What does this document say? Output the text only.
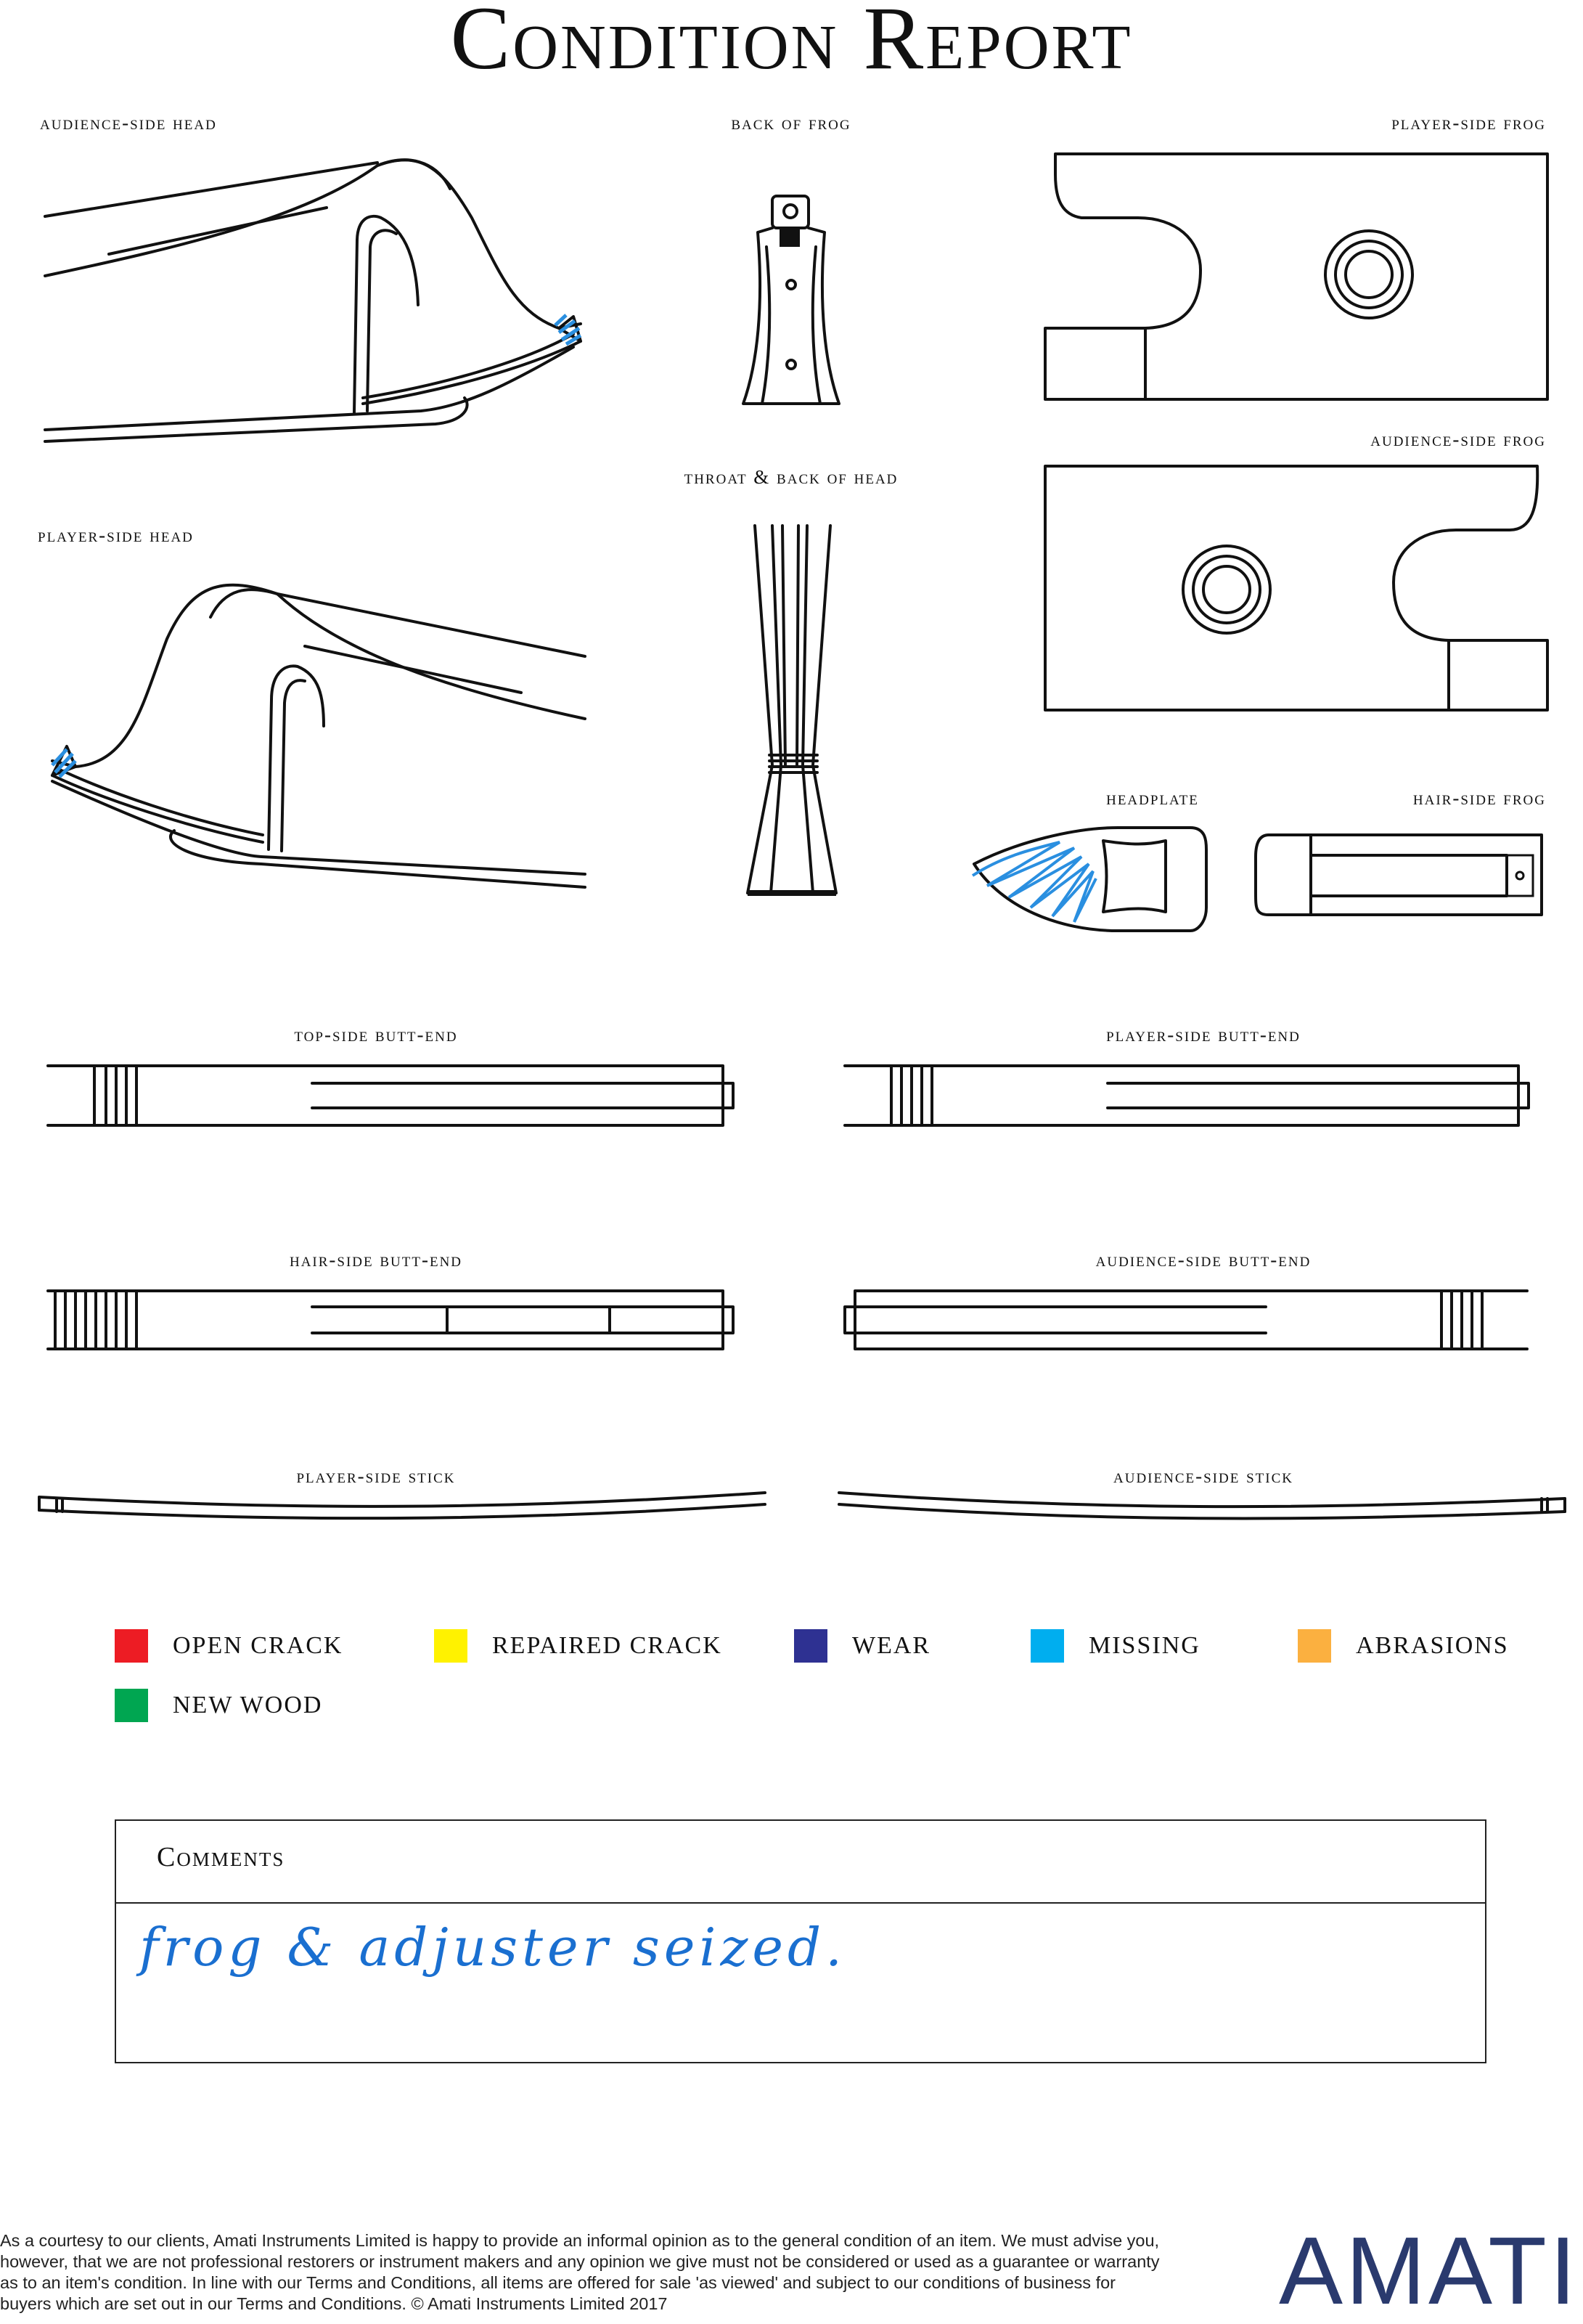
Condition Report
audience-side head	back of frog	player-side frog
throat & back of head
audience-side frog
player-side head
headplate	hair-side frog
top-side butt-end	player-side butt-end
hair-side butt-end	audience-side butt-end
player-side stick	audience-side stick
OPEN CRACK	REPAIRED CRACK	WEAR	MISSING	ABRASIONS
NEW WOOD
Comments
frog & adjuster seized.
As a courtesy to our clients, Amati Instruments Limited is happy to provide an informal opinion as to the general condition of an item. We must advise you, however, that we are not professional restorers or instrument makers and any opinion we give must not be considered or used as a guarantee or warranty as to an item's condition. In line with our Terms and Conditions, all items are offered for sale 'as viewed' and subject to our conditions of business for buyers which are set out in our Terms and Conditions. © Amati Instruments Limited 2017	AMATI
